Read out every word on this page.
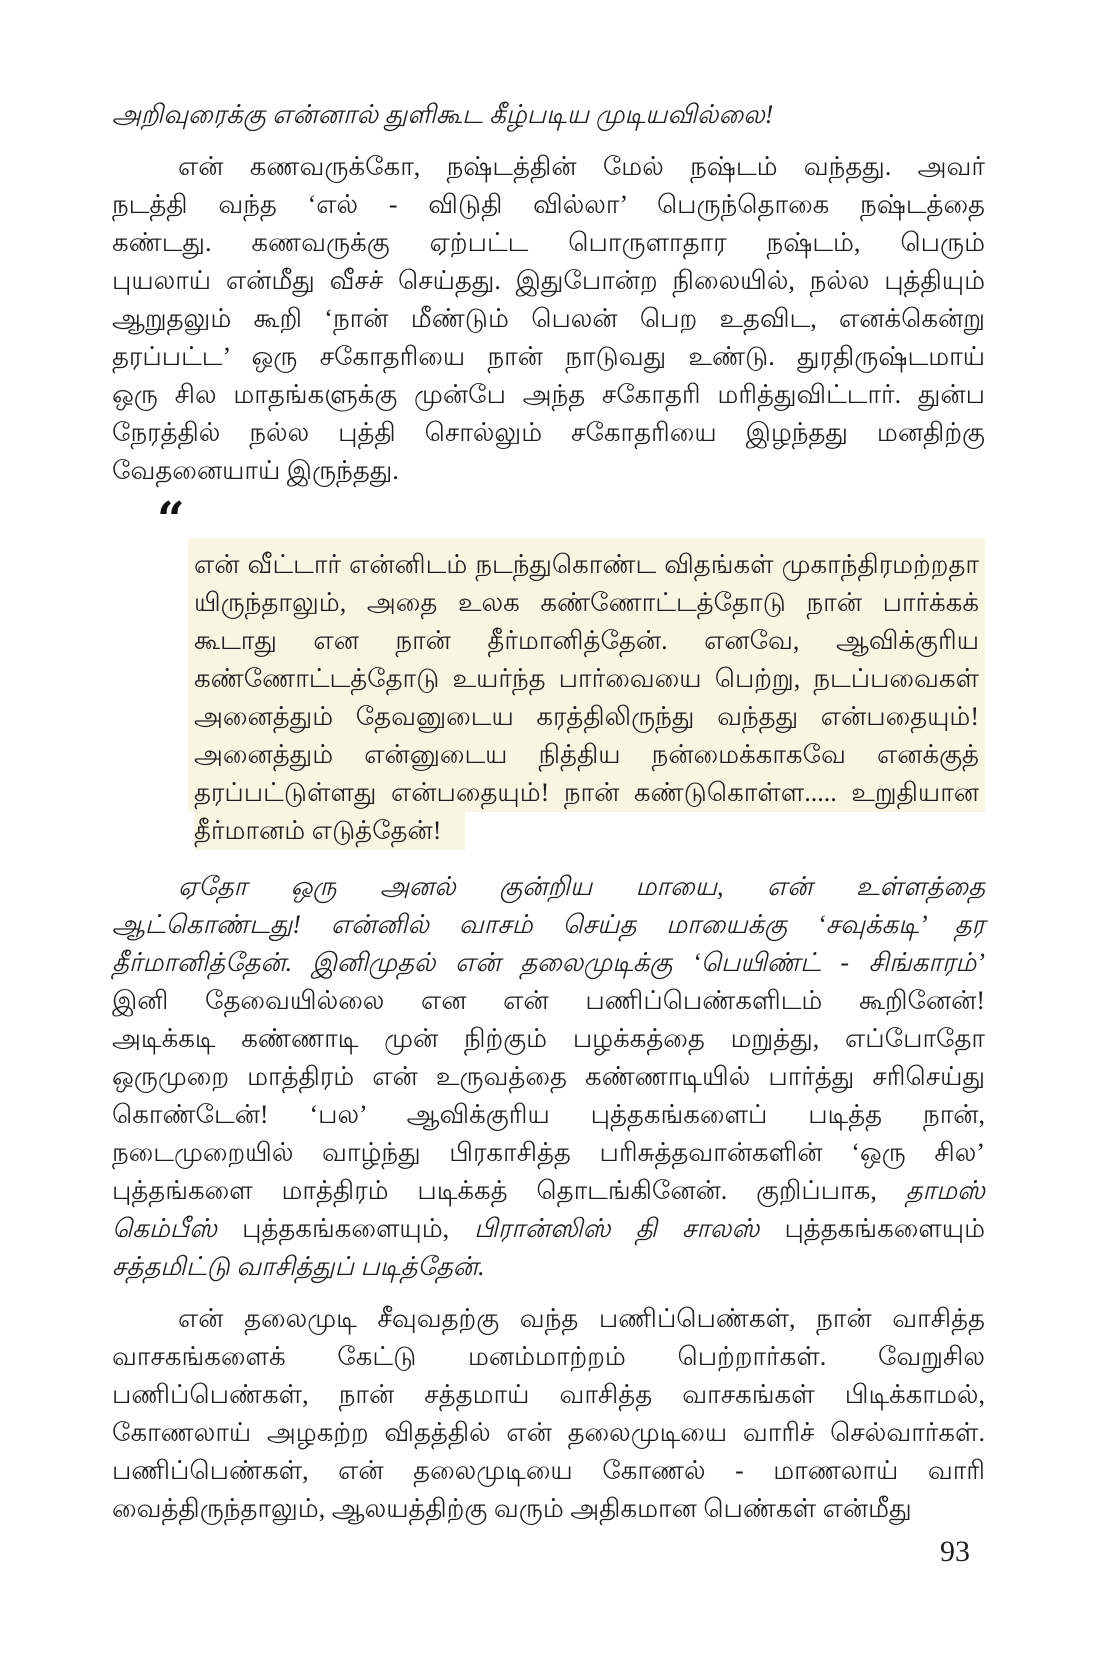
அறிவுரைக்கு என்னால் துளிகூட கீழ்படிய முடியவில்லை!
என் கணவருக்கோ, நஷ்டத்தின் மேல் நஷ்டம் வந்தது. அவர்
நடத்தி வந்த ‘எல் - விடுதி வில்லா’ பெருந்தொகை நஷ்டத்தை
கண்டது. கணவருக்கு ஏற்பட்ட பொருளாதார நஷ்டம், பெரும்
புயலாய் என்மீது வீசச் செய்தது. இதுபோன்ற நிலையில், நல்ல புத்தியும்
ஆறுதலும் கூறி ‘நான் மீண்டும் பெலன் பெற உதவிட, எனக்கென்று
தரப்பட்ட’ ஒரு சகோதரியை நான் நாடுவது உண்டு. துரதிருஷ்டமாய்
ஒரு சில மாதங்களுக்கு முன்பே அந்த சகோதரி மரித்துவிட்டார். துன்ப
நேரத்தில் நல்ல புத்தி சொல்லும் சகோதரியை இழந்தது மனதிற்கு
வேதனையாய் இருந்தது.
“
என் வீட்டார் என்னிடம் நடந்துகொண்ட விதங்கள் முகாந்திரமற்றதா
யிருந்தாலும், அதை உலக கண்ணோட்டத்தோடு நான் பார்க்கக்
கூடாது என நான் தீர்மானித்தேன். எனவே, ஆவிக்குரிய
கண்ணோட்டத்தோடு உயர்ந்த பார்வையை பெற்று, நடப்பவைகள்
அனைத்தும் தேவனுடைய கரத்திலிருந்து வந்தது என்பதையும்!
அனைத்தும் என்னுடைய நித்திய நன்மைக்காகவே எனக்குத்
தரப்பட்டுள்ளது என்பதையும்! நான் கண்டுகொள்ள..... உறுதியான
தீர்மானம் எடுத்தேன்!
ஏதோ ஒரு அனல் குன்றிய மாயை, என் உள்ளத்தை
ஆட்கொண்டது! என்னில் வாசம் செய்த மாயைக்கு ‘சவுக்கடி’ தர
தீர்மானித்தேன். இனிமுதல் என் தலைமுடிக்கு ‘பெயிண்ட் - சிங்காரம்’
இனி தேவையில்லை என என் பணிப்பெண்களிடம் கூறினேன்!
அடிக்கடி கண்ணாடி முன் நிற்கும் பழக்கத்தை மறுத்து, எப்போதோ
ஒருமுறை மாத்திரம் என் உருவத்தை கண்ணாடியில் பார்த்து சரிசெய்து
கொண்டேன்! ‘பல’ ஆவிக்குரிய புத்தகங்களைப் படித்த நான்,
நடைமுறையில் வாழ்ந்து பிரகாசித்த பரிசுத்தவான்களின் ‘ஒரு சில’
புத்தங்களை மாத்திரம் படிக்கத் தொடங்கினேன். குறிப்பாக, தாமஸ்
கெம்பீஸ் புத்தகங்களையும், பிரான்ஸிஸ் தி சாலஸ் புத்தகங்களையும்
சத்தமிட்டு வாசித்துப் படித்தேன்.
என் தலைமுடி சீவுவதற்கு வந்த பணிப்பெண்கள், நான் வாசித்த
வாசகங்களைக் கேட்டு மனம்மாற்றம் பெற்றார்கள். வேறுசில
பணிப்பெண்கள், நான் சத்தமாய் வாசித்த வாசகங்கள் பிடிக்காமல்,
கோணலாய் அழகற்ற விதத்தில் என் தலைமுடியை வாரிச் செல்வார்கள்.
பணிப்பெண்கள், என் தலைமுடியை கோணல் - மாணலாய் வாரி
வைத்திருந்தாலும், ஆலயத்திற்கு வரும் அதிகமான பெண்கள் என்மீது
93
